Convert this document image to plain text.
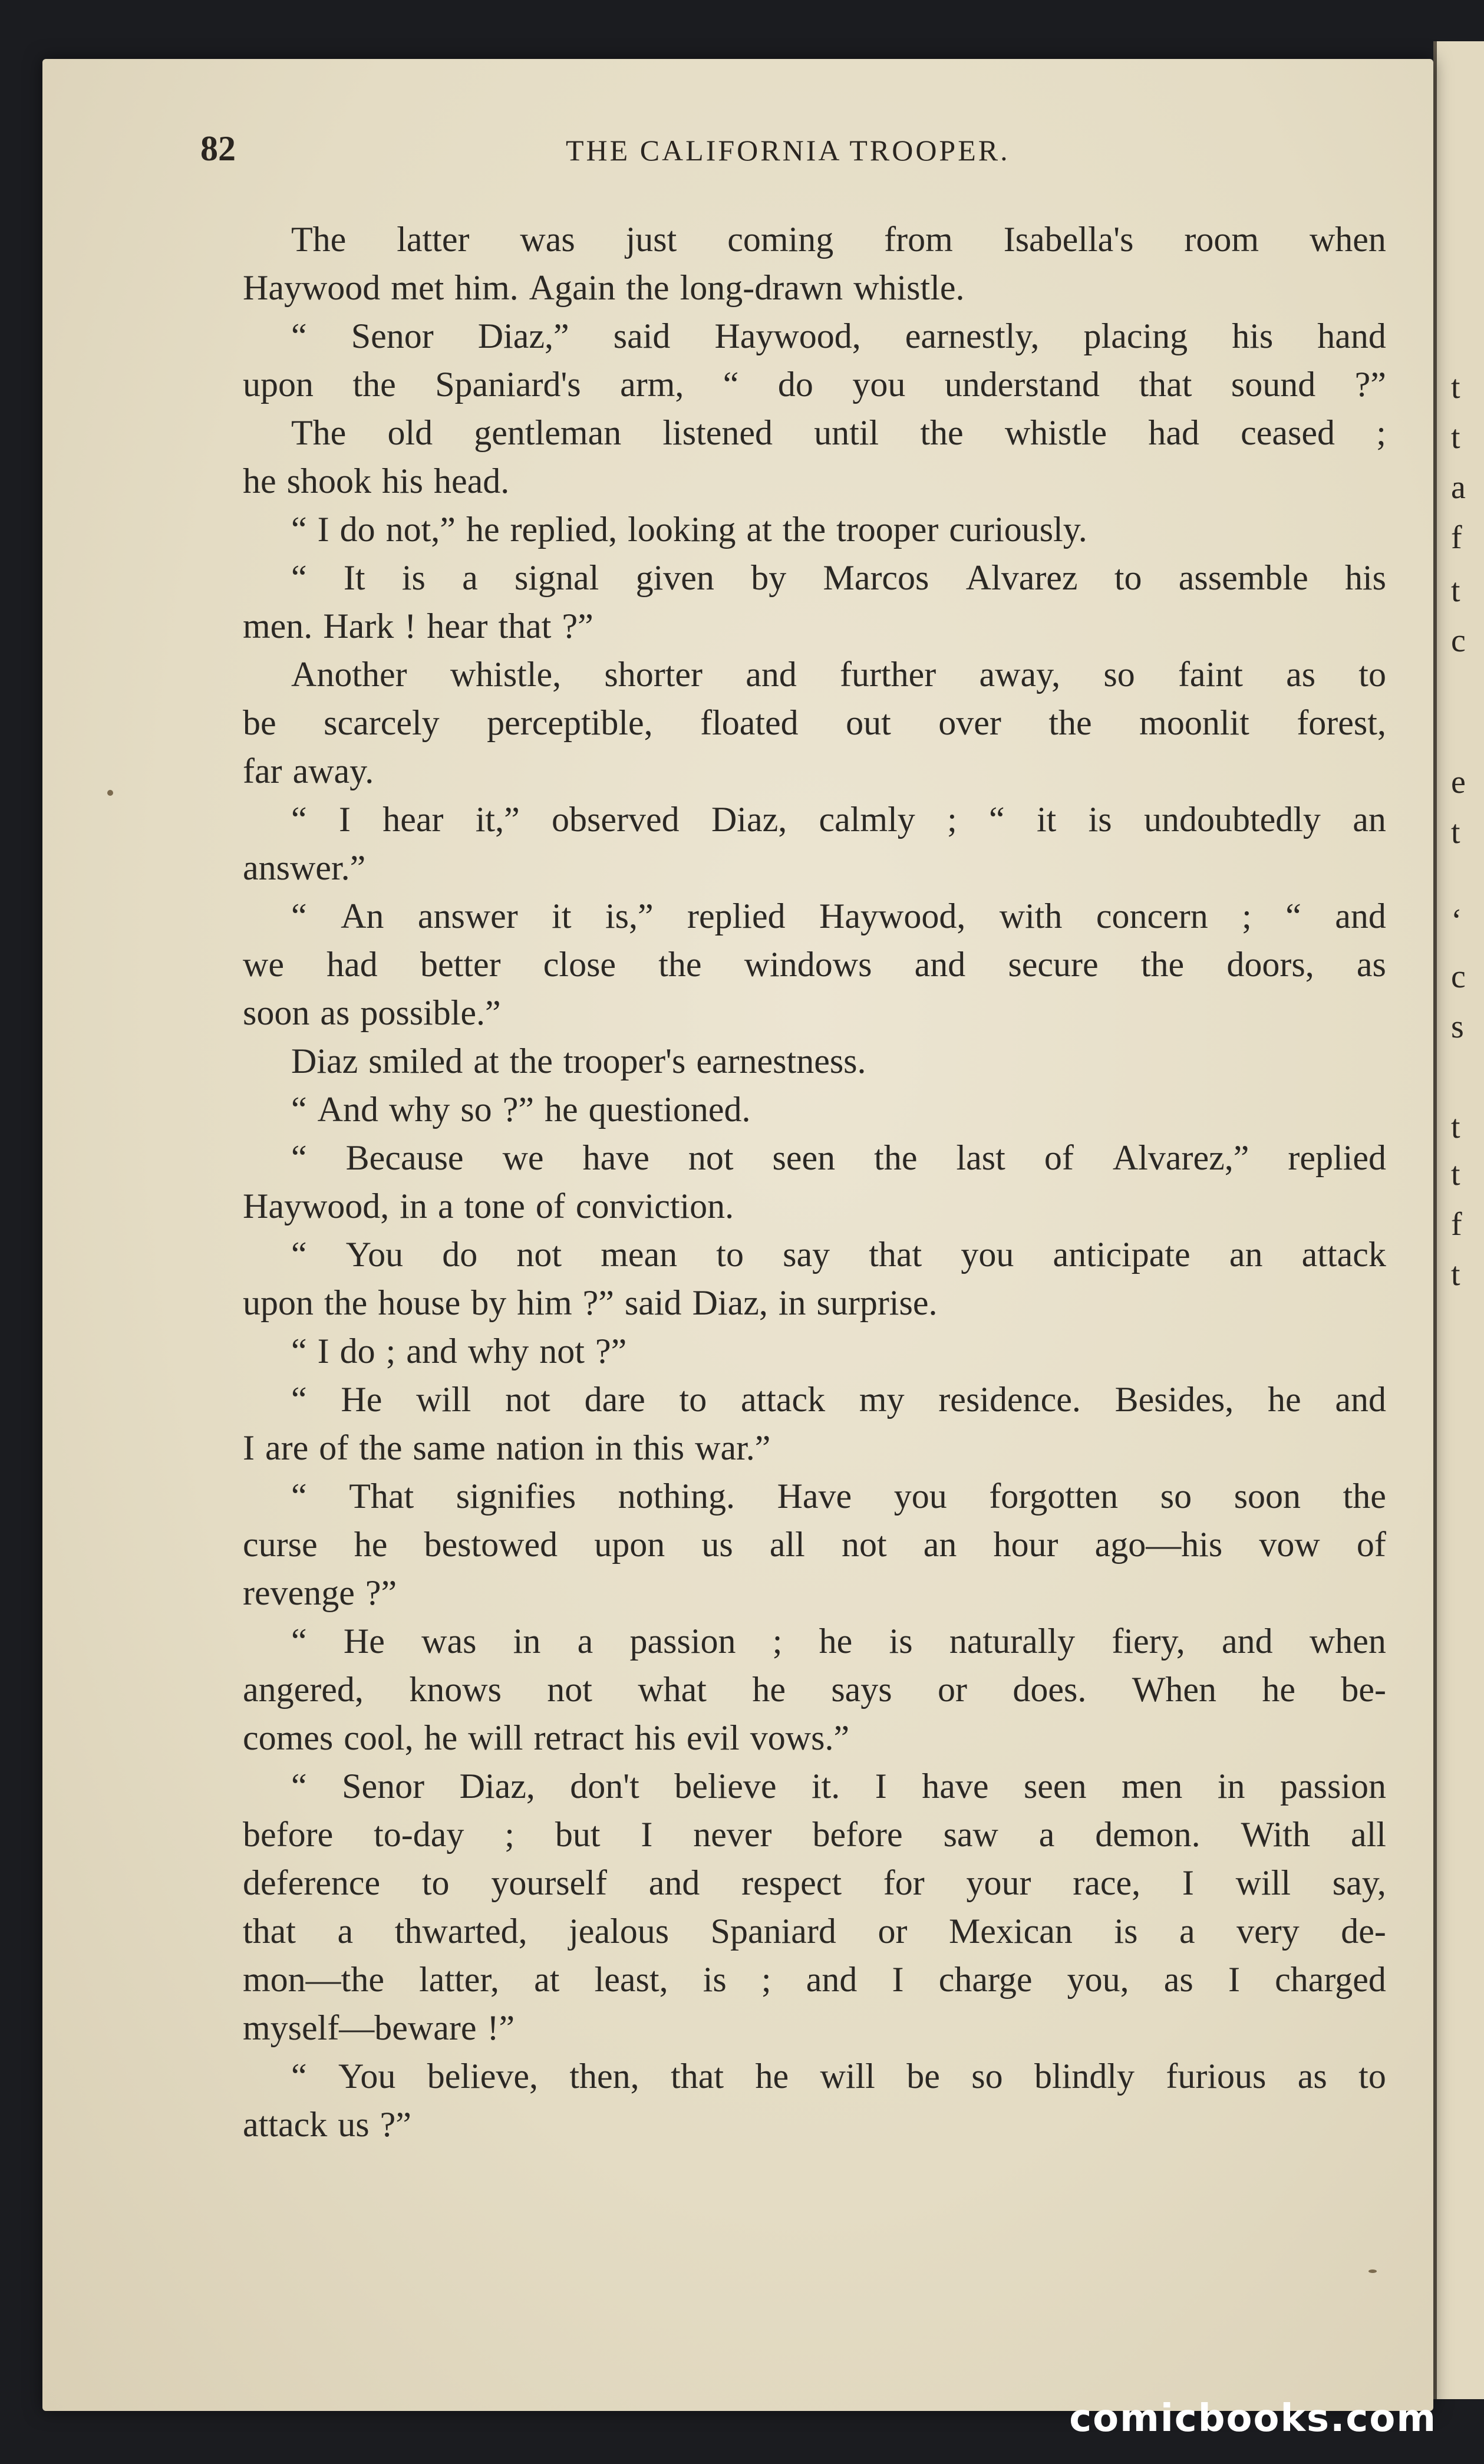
t
t
a
f
t
c
e
t
‘
c
s
t
t
f
t
82	THE CALIFORNIA TROOPER.
The latter was just coming from Isabella's room when
Haywood met him. Again the long-drawn whistle.
“ Senor Diaz,” said Haywood, earnestly, placing his hand
upon the Spaniard's arm, “ do you understand that sound ?”
The old gentleman listened until the whistle had ceased ;
he shook his head.
“ I do not,” he replied, looking at the trooper curiously.
“ It is a signal given by Marcos Alvarez to assemble his
men. Hark ! hear that ?”
Another whistle, shorter and further away, so faint as to
be scarcely perceptible, floated out over the moonlit forest,
far away.
“ I hear it,” observed Diaz, calmly ; “ it is undoubtedly an
answer.”
“ An answer it is,” replied Haywood, with concern ; “ and
we had better close the windows and secure the doors, as
soon as possible.”
Diaz smiled at the trooper's earnestness.
“ And why so ?” he questioned.
“ Because we have not seen the last of Alvarez,” replied
Haywood, in a tone of conviction.
“ You do not mean to say that you anticipate an attack
upon the house by him ?” said Diaz, in surprise.
“ I do ; and why not ?”
“ He will not dare to attack my residence. Besides, he and
I are of the same nation in this war.”
“ That signifies nothing. Have you forgotten so soon the
curse he bestowed upon us all not an hour ago—his vow of
revenge ?”
“ He was in a passion ; he is naturally fiery, and when
angered, knows not what he says or does. When he be-
comes cool, he will retract his evil vows.”
“ Senor Diaz, don't believe it. I have seen men in passion
before to-day ; but I never before saw a demon. With all
deference to yourself and respect for your race, I will say,
that a thwarted, jealous Spaniard or Mexican is a very de-
mon—the latter, at least, is ; and I charge you, as I charged
myself—beware !”
“ You believe, then, that he will be so blindly furious as to
attack us ?”
comicbooks.com
